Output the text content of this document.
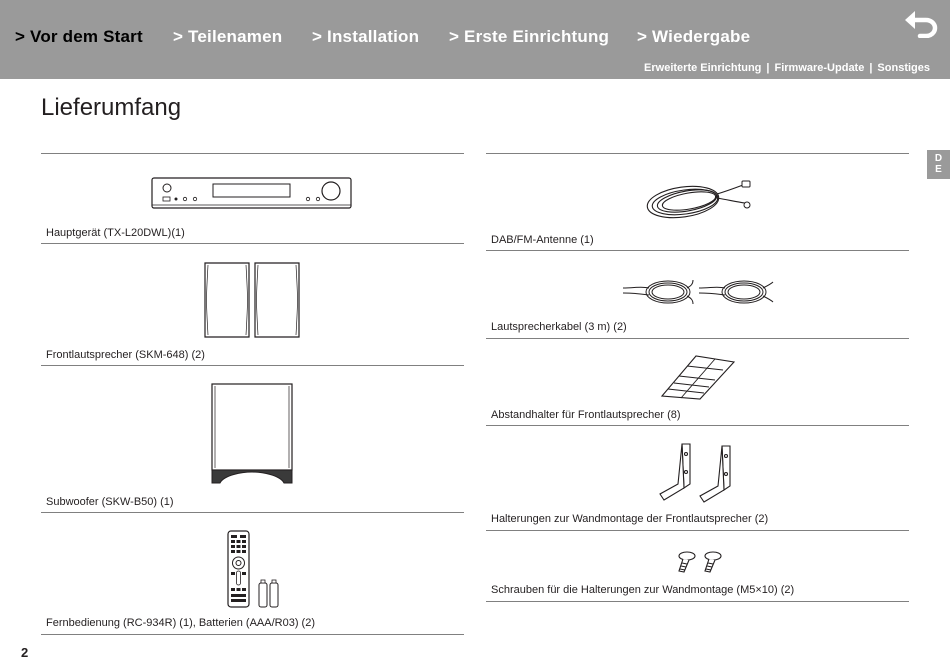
> Vor dem Start > Teilenamen > Installation > Erste Einrichtung > Wiedergabe
Erweiterte Einrichtung | Firmware-Update | Sonstiges
Lieferumfang
D
E
Hauptgerät (TX-L20DWL)(1)
Frontlautsprecher (SKM-648) (2)
Subwoofer (SKW-B50) (1)
Fernbedienung (RC-934R) (1), Batterien (AAA/R03) (2)
DAB/FM-Antenne (1)
Lautsprecherkabel (3 m) (2)
Abstandhalter für Frontlautsprecher (8)
Halterungen zur Wandmontage der Frontlautsprecher (2)
Schrauben für die Halterungen zur Wandmontage (M5×10) (2)
2
